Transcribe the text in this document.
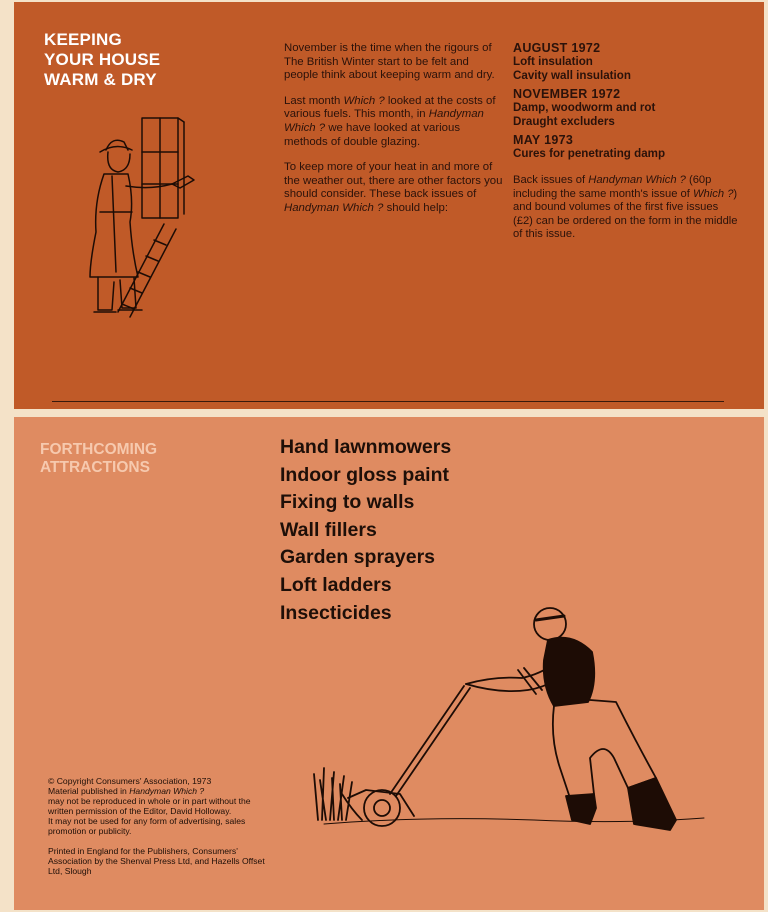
KEEPING
YOUR HOUSE
WARM & DRY

November is the time when the rigours of The British Winter start to be felt and people think about keeping warm and dry.

Last month Which ? looked at the costs of various fuels. This month, in Handyman Which ? we have looked at various methods of double glazing.

To keep more of your heat in and more of the weather out, there are other factors you should consider. These back issues of Handyman Which ? should help:

AUGUST 1972
Loft insulation
Cavity wall insulation
NOVEMBER 1972
Damp, woodworm and rot
Draught excluders
MAY 1973
Cures for penetrating damp
Back issues of Handyman Which ? (60p including the same month's issue of Which ?) and bound volumes of the first five issues (£2) can be ordered on the form in the middle of this issue.
FORTHCOMING
ATTRACTIONS
Hand lawnmowers
Indoor gloss paint
Fixing to walls
Wall fillers
Garden sprayers
Loft ladders
Insecticides

© Copyright Consumers' Association, 1973
Material published in Handyman Which ?
may not be reproduced in whole or in part without the written permission of the Editor, David Holloway.
It may not be used for any form of advertising, sales promotion or publicity.

Printed in England for the Publishers, Consumers' Association by the Shenval Press Ltd, and Hazells Offset Ltd, Slough
